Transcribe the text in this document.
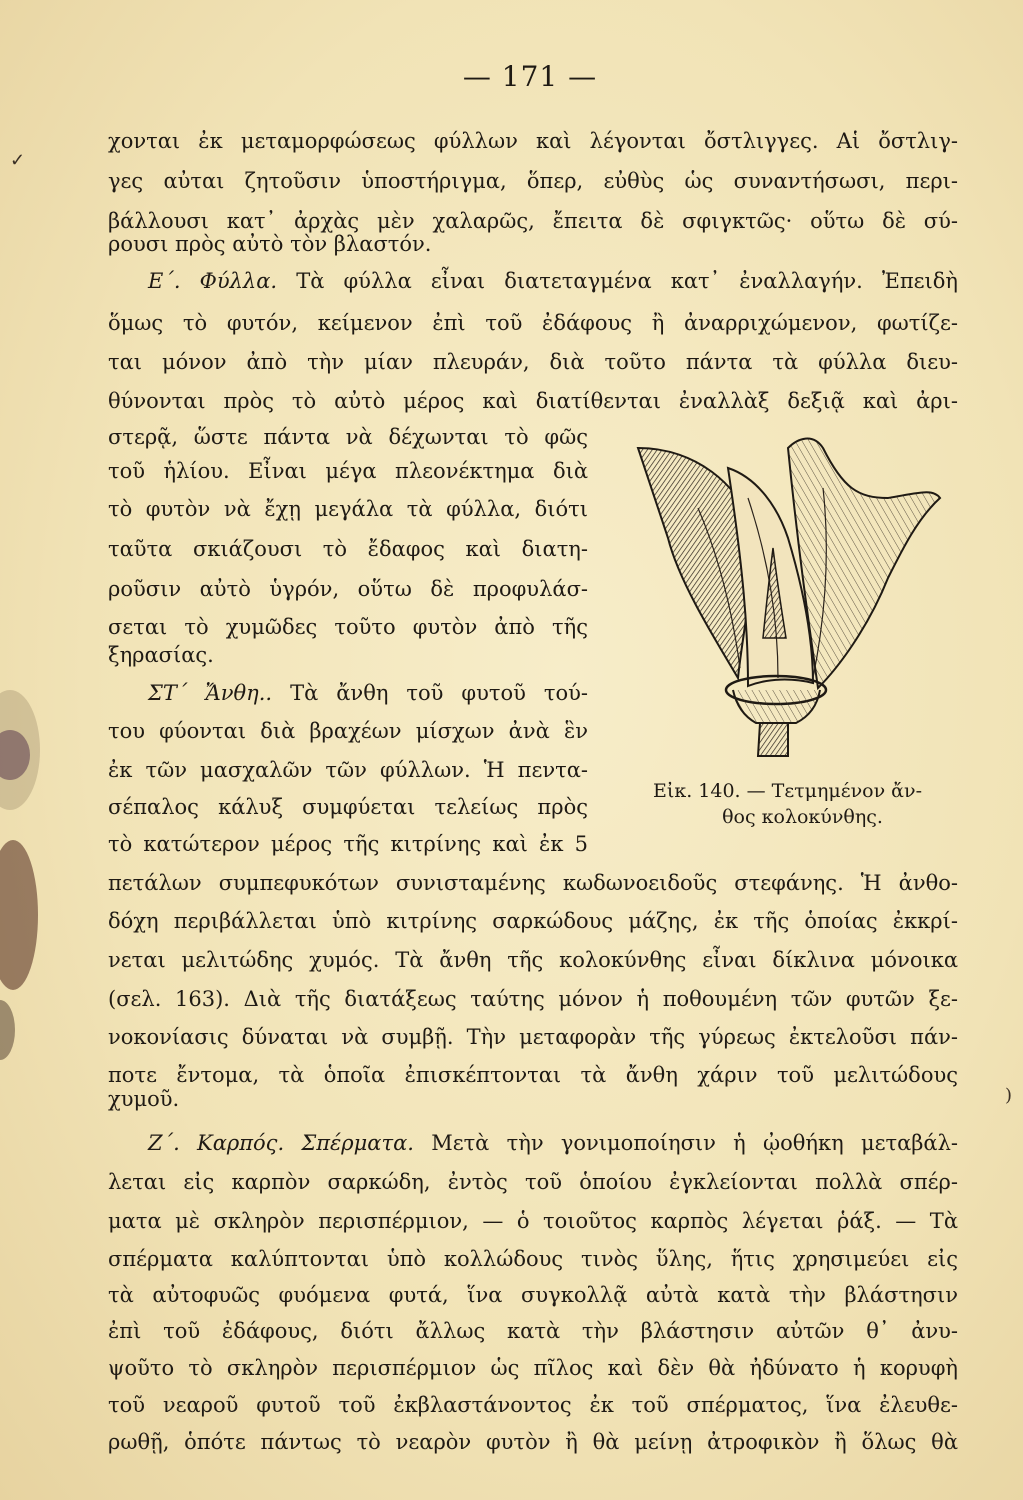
✓
)
— 171 —
χονται ἐκ μεταμορφώσεως φύλλων καὶ λέγονται ὄστλιγγες. Αἱ ὄστλιγ-
γες αὐται ζητοῦσιν ὑποστήριγμα, ὅπερ, εὐθὺς ὡς συναντήσωσι, περι-
βάλλουσι κατ᾽ ἀρχὰς μὲν χαλαρῶς, ἔπειτα δὲ σφιγκτῶς· οὕτω δὲ σύ-
ρουσι πρὸς αὐτὸ τὸν βλαστόν.
Ε΄. Φύλλα. Τὰ φύλλα εἶναι διατεταγμένα κατ᾽ ἐναλλαγήν. Ἐπειδὴ
ὅμως τὸ φυτόν, κείμενον ἐπὶ τοῦ ἐδάφους ἢ ἀναρριχώμενον, φωτίζε-
ται μόνον ἀπὸ τὴν μίαν πλευράν, διὰ τοῦτο πάντα τὰ φύλλα διευ-
θύνονται πρὸς τὸ αὐτὸ μέρος καὶ διατίθενται ἐναλλὰξ δεξιᾷ καὶ ἀρι-
στερᾷ, ὥστε πάντα νὰ δέχωνται τὸ φῶς
τοῦ ἡλίου. Εἶναι μέγα πλεονέκτημα διὰ
τὸ φυτὸν νὰ ἔχῃ μεγάλα τὰ φύλλα, διότι
ταῦτα σκιάζουσι τὸ ἔδαφος καὶ διατη-
ροῦσιν αὐτὸ ὑγρόν, οὕτω δὲ προφυλάσ-
σεται τὸ χυμῶδες τοῦτο φυτὸν ἀπὸ τῆς
ξηρασίας.
ΣΤ΄ Ἄνθη.. Τὰ ἄνθη τοῦ φυτοῦ τού-
του φύονται διὰ βραχέων μίσχων ἀνὰ ἓν
ἐκ τῶν μασχαλῶν τῶν φύλλων. Ἡ πεντα-
σέπαλος κάλυξ συμφύεται τελείως πρὸς
τὸ κατώτερον μέρος τῆς κιτρίνης καὶ ἐκ 5
πετάλων συμπεφυκότων συνισταμένης κωδωνοειδοῦς στεφάνης. Ἡ ἀνθο-
δόχη περιβάλλεται ὑπὸ κιτρίνης σαρκώδους μάζης, ἐκ τῆς ὁποίας ἐκκρί-
νεται μελιτώδης χυμός. Τὰ ἄνθη τῆς κολοκύνθης εἶναι δίκλινα μόνοικα
(σελ. 163). Διὰ τῆς διατάξεως ταύτης μόνον ἡ ποθουμένη τῶν φυτῶν ξε-
νοκονίασις δύναται νὰ συμβῇ. Τὴν μεταφορὰν τῆς γύρεως ἐκτελοῦσι πάν-
ποτε ἔντομα, τὰ ὁποῖα ἐπισκέπτονται τὰ ἄνθη χάριν τοῦ μελιτώδους
χυμοῦ.
Ζ΄. Καρπός. Σπέρματα. Μετὰ τὴν γονιμοποίησιν ἡ ᾠοθήκη μεταβάλ-
λεται εἰς καρπὸν σαρκώδη, ἐντὸς τοῦ ὁποίου ἐγκλείονται πολλὰ σπέρ-
ματα μὲ σκληρὸν περισπέρμιον, — ὁ τοιοῦτος καρπὸς λέγεται ῥάξ. — Τὰ
σπέρματα καλύπτονται ὑπὸ κολλώδους τινὸς ὕλης, ἥτις χρησιμεύει εἰς
τὰ αὐτοφυῶς φυόμενα φυτά, ἵνα συγκολλᾷ αὐτὰ κατὰ τὴν βλάστησιν
ἐπὶ τοῦ ἐδάφους, διότι ἄλλως κατὰ τὴν βλάστησιν αὐτῶν θ᾽ ἀνυ-
ψοῦτο τὸ σκληρὸν περισπέρμιον ὡς πῖλος καὶ δὲν θὰ ἠδύνατο ἡ κορυφὴ
τοῦ νεαροῦ φυτοῦ τοῦ ἐκβλαστάνοντος ἐκ τοῦ σπέρματος, ἵνα ἐλευθε-
ρωθῇ, ὁπότε πάντως τὸ νεαρὸν φυτὸν ἢ θὰ μείνῃ ἀτροφικὸν ἢ ὅλως θὰ
Εἰκ. 140. — Τετμημένον ἄν-
θος κολοκύνθης.
